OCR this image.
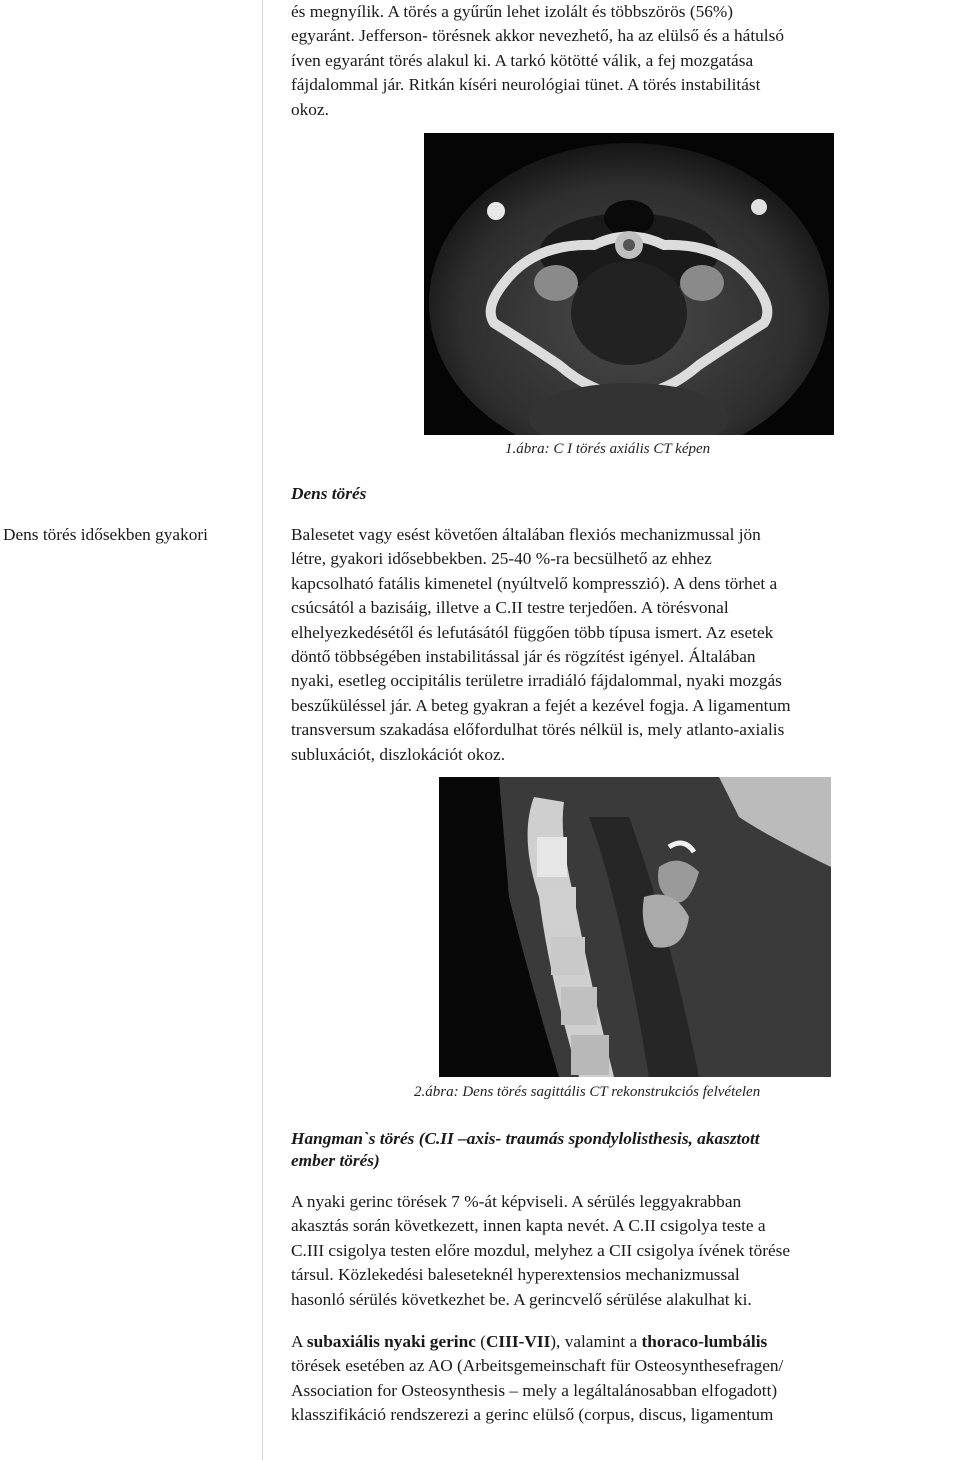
és megnyílik. A törés a gyűrűn lehet izolált és többszörös (56%)
egyaránt. Jefferson- törésnek akkor nevezhető, ha az elülső és a hátulsó
íven egyaránt törés alakul ki. A tarkó kötötté válik, a fej mozgatása
fájdalommal jár. Ritkán kíséri neurológiai tünet. A törés instabilitást
okoz.
1.ábra: C I törés axiális CT képen
Dens törés
Dens törés idősekben gyakori	Balesetet vagy esést követően általában flexiós mechanizmussal jön
létre, gyakori idősebbekben. 25-40 %-ra becsülhető az ehhez
kapcsolható fatális kimenetel (nyúltvelő kompresszió). A dens törhet a
csúcsától a bazisáig, illetve a C.II testre terjedően. A törésvonal
elhelyezkedésétől és lefutásától függően több típusa ismert. Az esetek
döntő többségében instabilitással jár és rögzítést igényel. Általában
nyaki, esetleg occipitális területre irradiáló fájdalommal, nyaki mozgás
beszűküléssel jár. A beteg gyakran a fejét a kezével fogja. A ligamentum
transversum szakadása előfordulhat törés nélkül is, mely atlanto-axialis
subluxációt, diszlokációt okoz.
2.ábra: Dens törés sagittális CT rekonstrukciós felvételen
Hangman`s törés (C.II –axis- traumás spondylolisthesis, akasztott
ember törés)
A nyaki gerinc törések 7 %-át képviseli. A sérülés leggyakrabban
akasztás során következett, innen kapta nevét. A C.II csigolya teste a
C.III csigolya testen előre mozdul, melyhez a CII csigolya ívének törése
társul. Közlekedési baleseteknél hyperextensios mechanizmussal
hasonló sérülés következhet be. A gerincvelő sérülése alakulhat ki.
A subaxiális nyaki gerinc (CIII-VII), valamint a thoraco-lumbális
törések esetében az AO (Arbeitsgemeinschaft für Osteosynthesefragen/
Association for Osteosynthesis – mely a legáltalánosabban elfogadott)
klasszifikáció rendszerezi a gerinc elülső (corpus, discus, ligamentum
